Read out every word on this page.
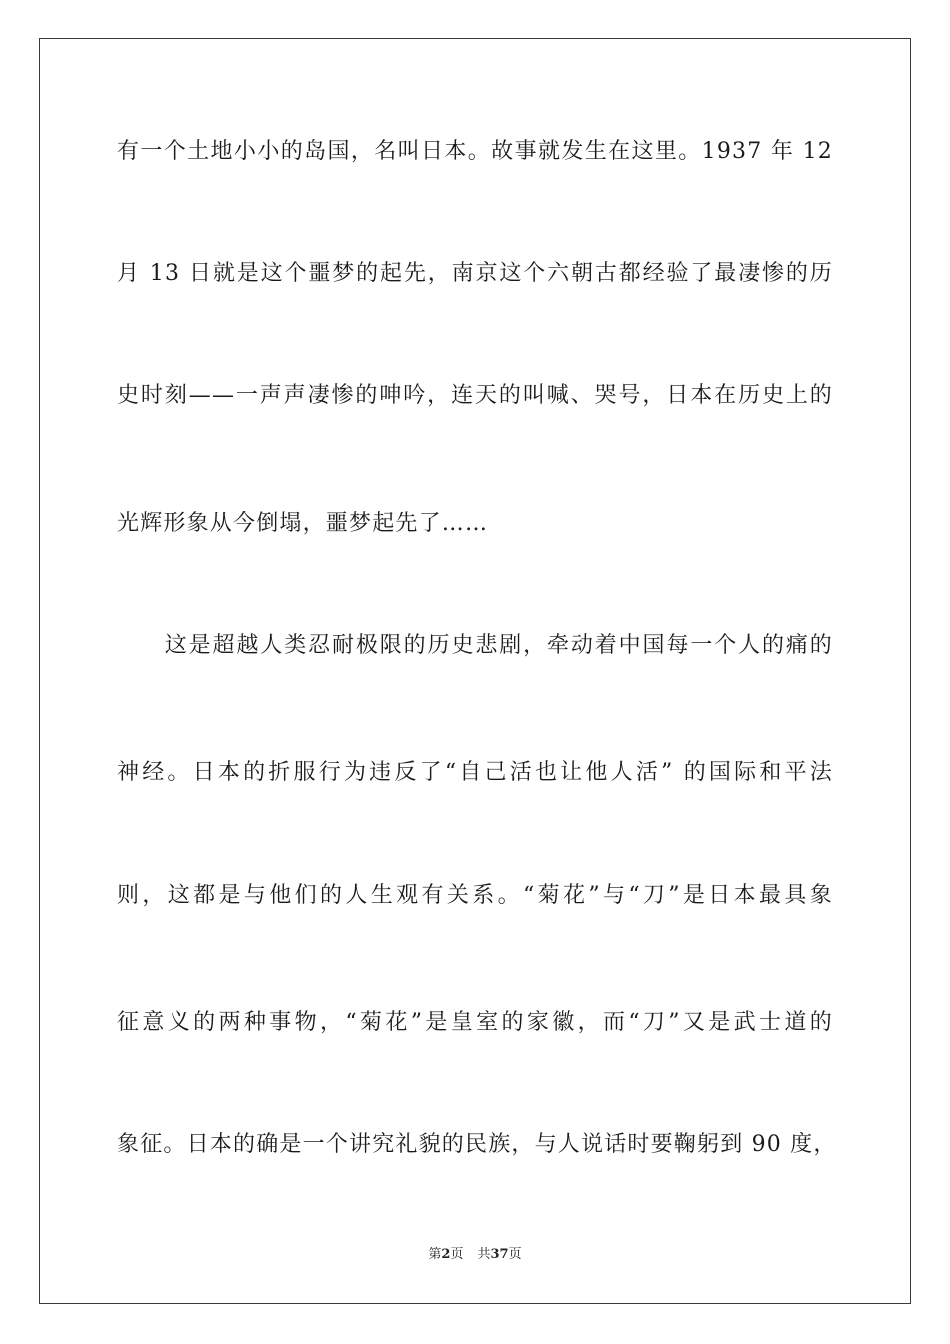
有一个土地小小的岛国，名叫日本。故事就发生在这里。1937 年 12
月 13 日就是这个噩梦的起先，南京这个六朝古都经验了最凄惨的历
史时刻——一声声凄惨的呻吟，连天的叫喊、哭号，日本在历史上的
光辉形象从今倒塌，噩梦起先了……
　　这是超越人类忍耐极限的历史悲剧，牵动着中国每一个人的痛的
神经。日本的折服行为违反了“自己活也让他人活” 的国际和平法
则，这都是与他们的人生观有关系。“菊花”与“刀”是日本最具象
征意义的两种事物，“菊花”是皇室的家徽，而“刀”又是武士道的
象征。日本的确是一个讲究礼貌的民族，与人说话时要鞠躬到 90 度，
第2页 共37页
